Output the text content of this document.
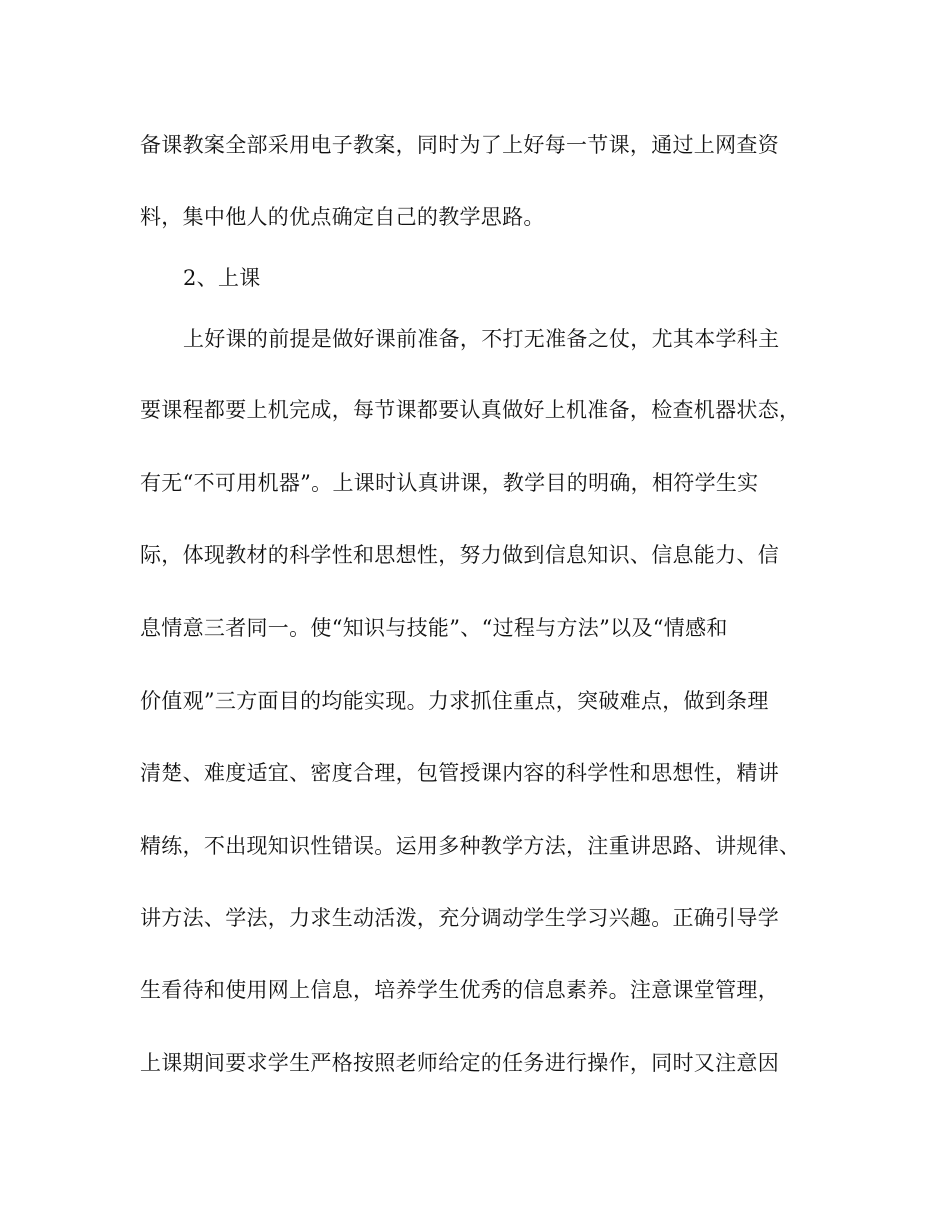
备课教案全部采用电子教案，同时为了上好每一节课，通过上网查资
料，集中他人的优点确定自己的教学思路。
2、上课
上好课的前提是做好课前准备，不打无准备之仗，尤其本学科主
要课程都要上机完成，每节课都要认真做好上机准备，检查机器状态，
有无“不可用机器”。上课时认真讲课，教学目的明确，相符学生实
际，体现教材的科学性和思想性，努力做到信息知识、信息能力、信
息情意三者同一。使“知识与技能”、“过程与方法”以及“情感和
价值观”三方面目的均能实现。力求抓住重点，突破难点，做到条理
清楚、难度适宜、密度合理，包管授课内容的科学性和思想性，精讲
精练，不出现知识性错误。运用多种教学方法，注重讲思路、讲规律、
讲方法、学法，力求生动活泼，充分调动学生学习兴趣。正确引导学
生看待和使用网上信息，培养学生优秀的信息素养。注意课堂管理，
上课期间要求学生严格按照老师给定的任务进行操作，同时又注意因
